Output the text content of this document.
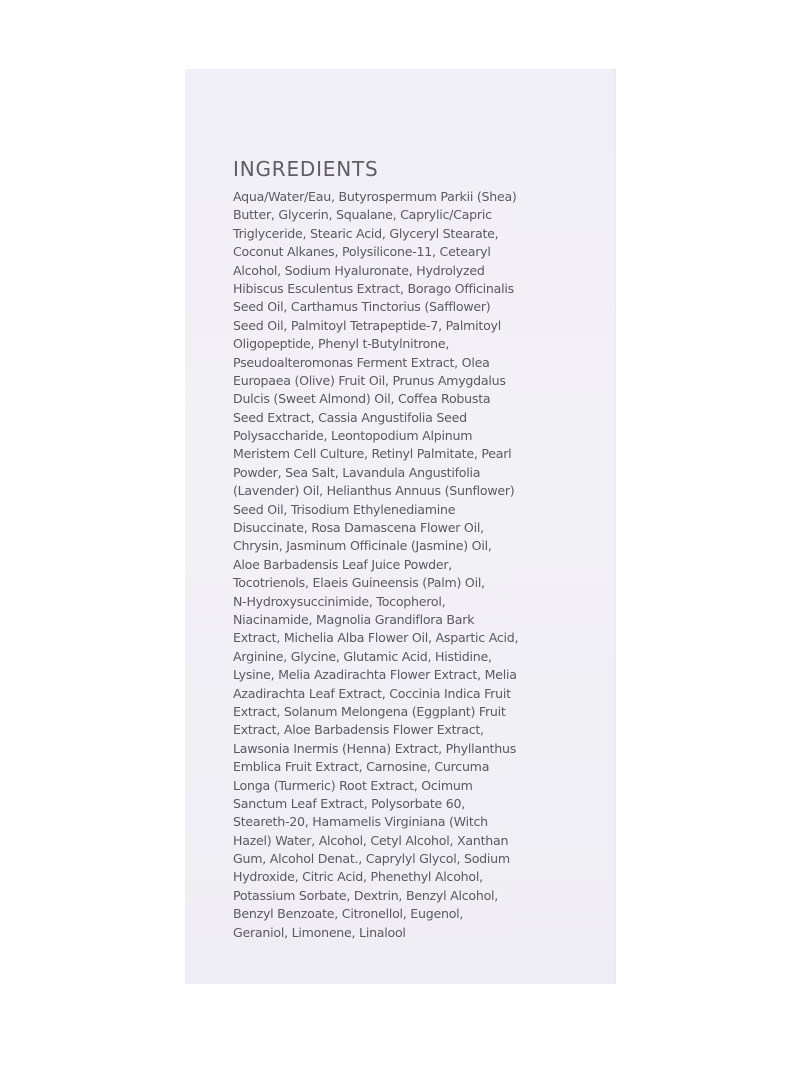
INGREDIENTS
Aqua/Water/Eau, Butyrospermum Parkii (Shea)
Butter, Glycerin, Squalane, Caprylic/Capric
Triglyceride, Stearic Acid, Glyceryl Stearate,
Coconut Alkanes, Polysilicone-11, Cetearyl
Alcohol, Sodium Hyaluronate, Hydrolyzed
Hibiscus Esculentus Extract, Borago Officinalis
Seed Oil, Carthamus Tinctorius (Safflower)
Seed Oil, Palmitoyl Tetrapeptide-7, Palmitoyl
Oligopeptide, Phenyl t-Butylnitrone,
Pseudoalteromonas Ferment Extract, Olea
Europaea (Olive) Fruit Oil, Prunus Amygdalus
Dulcis (Sweet Almond) Oil, Coffea Robusta
Seed Extract, Cassia Angustifolia Seed
Polysaccharide, Leontopodium Alpinum
Meristem Cell Culture, Retinyl Palmitate, Pearl
Powder, Sea Salt, Lavandula Angustifolia
(Lavender) Oil, Helianthus Annuus (Sunflower)
Seed Oil, Trisodium Ethylenediamine
Disuccinate, Rosa Damascena Flower Oil,
Chrysin, Jasminum Officinale (Jasmine) Oil,
Aloe Barbadensis Leaf Juice Powder,
Tocotrienols, Elaeis Guineensis (Palm) Oil,
N-Hydroxysuccinimide, Tocopherol,
Niacinamide, Magnolia Grandiflora Bark
Extract, Michelia Alba Flower Oil, Aspartic Acid,
Arginine, Glycine, Glutamic Acid, Histidine,
Lysine, Melia Azadirachta Flower Extract, Melia
Azadirachta Leaf Extract, Coccinia Indica Fruit
Extract, Solanum Melongena (Eggplant) Fruit
Extract, Aloe Barbadensis Flower Extract,
Lawsonia Inermis (Henna) Extract, Phyllanthus
Emblica Fruit Extract, Carnosine, Curcuma
Longa (Turmeric) Root Extract, Ocimum
Sanctum Leaf Extract, Polysorbate 60,
Steareth-20, Hamamelis Virginiana (Witch
Hazel) Water, Alcohol, Cetyl Alcohol, Xanthan
Gum, Alcohol Denat., Caprylyl Glycol, Sodium
Hydroxide, Citric Acid, Phenethyl Alcohol,
Potassium Sorbate, Dextrin, Benzyl Alcohol,
Benzyl Benzoate, Citronellol, Eugenol,
Geraniol, Limonene, Linalool
